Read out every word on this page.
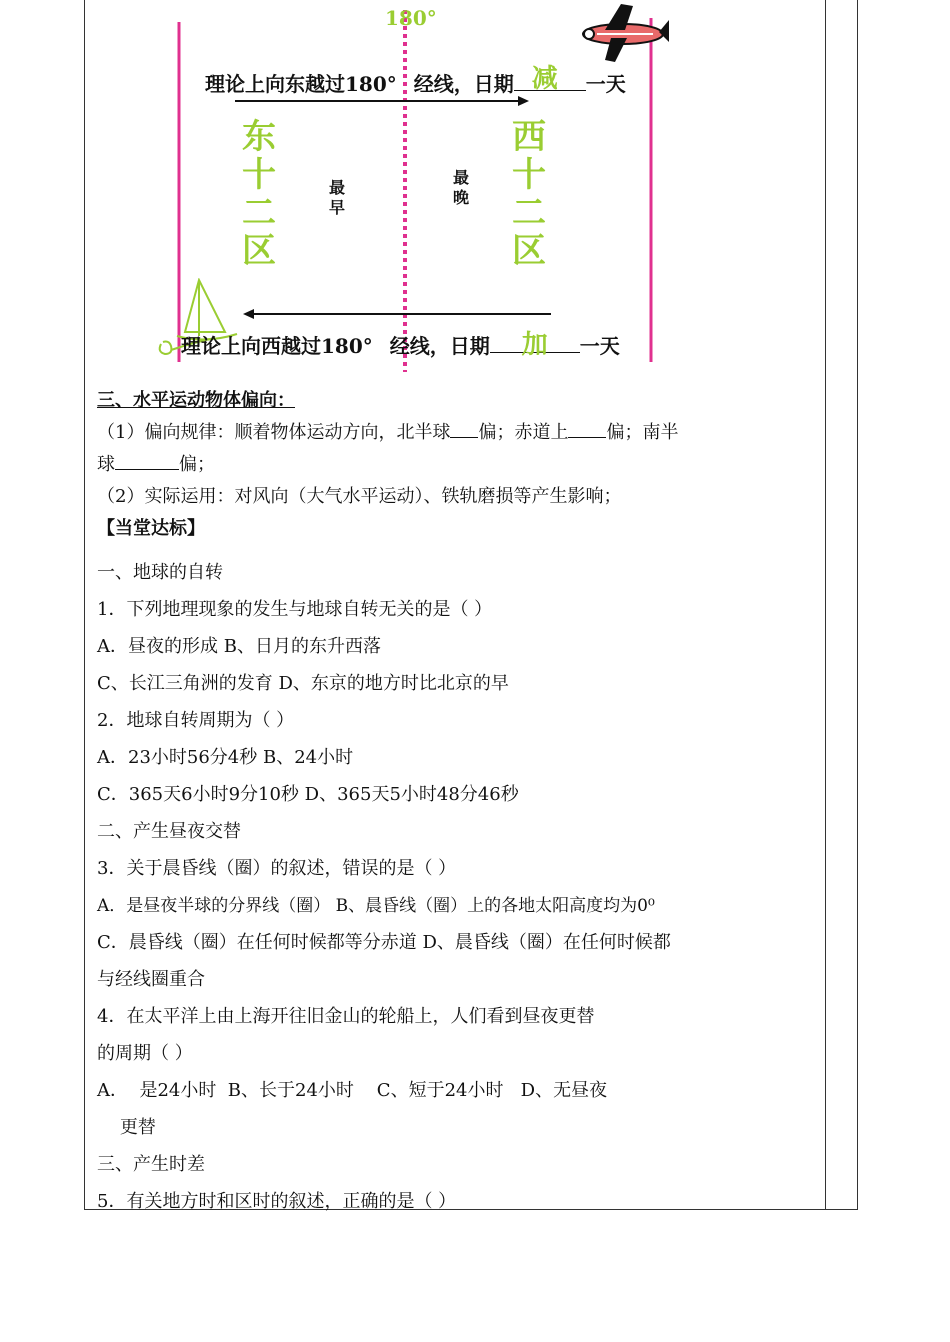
180°
理论上向东越过180° 经线，日期 减 一天
东
十
二
区
西
十
二
区
最
早
最
晚
理论上向西越过180° 经线，日期 加 一天
三、水平运动物体偏向：
（1）偏向规律：顺着物体运动方向，北半球 偏；赤道上 偏；南半
球	偏；
（2）实际运用：对风向（大气水平运动）、铁轨磨损等产生影响；
【当堂达标】
一、地球的自转
1．下列地理现象的发生与地球自转无关的是（ ）
A．昼夜的形成 B、日月的东升西落
C、长江三角洲的发育 D、东京的地方时比北京的早
2．地球自转周期为（ ）
A．23小时56分4秒 B、24小时
C．365天6小时9分10秒 D、365天5小时48分46秒
二、产生昼夜交替
3．关于晨昏线（圈）的叙述，错误的是（ ）
A．是昼夜半球的分界线（圈） B、晨昏线（圈）上的各地太阳高度均为0⁰
C．晨昏线（圈）在任何时候都等分赤道 D、晨昏线（圈）在任何时候都
与经线圈重合
4．在太平洋上由上海开往旧金山的轮船上，人们看到昼夜更替
的周期（ ）
A．  是24小时  B、长于24小时    C、短于24小时   D、无昼夜
更替
三、产生时差
5．有关地方时和区时的叙述，正确的是（ ）
